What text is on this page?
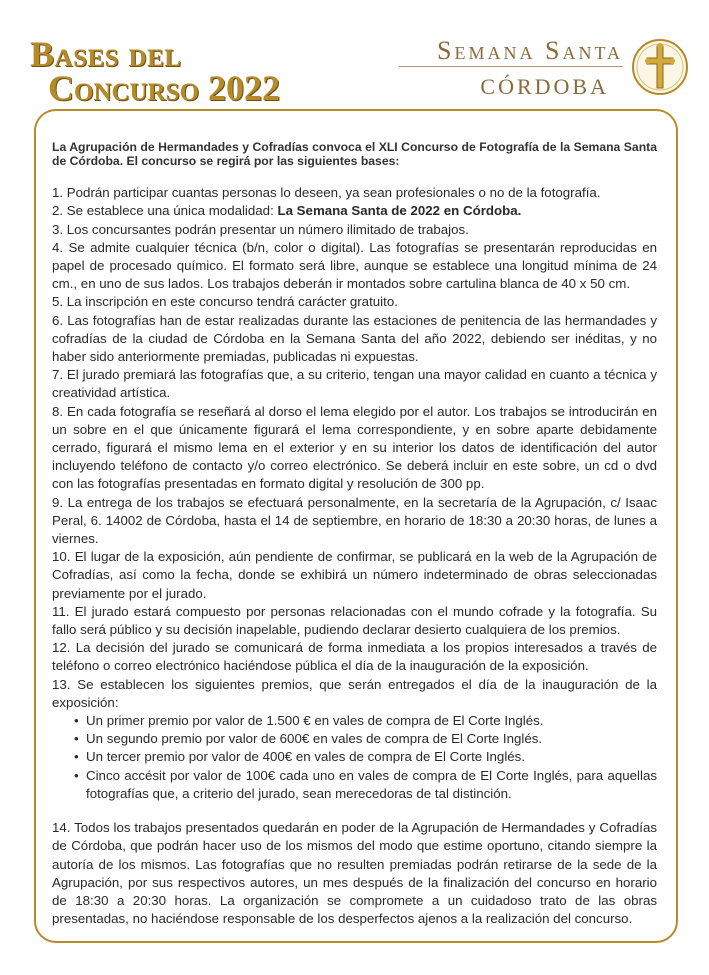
Bases del
Concurso 2022
Semana Santa
CÓRDOBA

La Agrupación de Hermandades y Cofradías convoca el XLI Concurso de Fotografía de la Semana Santa de Córdoba. El concurso se regirá por las siguientes bases:

1. Podrán participar cuantas personas lo deseen, ya sean profesionales o no de la fotografía.

2. Se establece una única modalidad: La Semana Santa de 2022 en Córdoba.

3. Los concursantes podrán presentar un número ilimitado de trabajos.

4. Se admite cualquier técnica (b/n, color o digital). Las fotografías se presentarán reproducidas en papel de procesado químico. El formato será libre, aunque se establece una longitud mínima de 24 cm., en uno de sus lados. Los trabajos deberán ir montados sobre cartulina blanca de 40 x 50 cm.

5. La inscripción en este concurso tendrá carácter gratuito.

6. Las fotografías han de estar realizadas durante las estaciones de penitencia de las hermandades y cofradías de la ciudad de Córdoba en la Semana Santa del año 2022, debiendo ser inéditas, y no haber sido anteriormente premiadas, publicadas ni expuestas.

7. El jurado premiará las fotografías que, a su criterio, tengan una mayor calidad en cuanto a técnica y creatividad artística.

8. En cada fotografía se reseñará al dorso el lema elegido por el autor. Los trabajos se introducirán en un sobre en el que únicamente figurará el lema correspondiente, y en sobre aparte debidamente cerrado, figurará el mismo lema en el exterior y en su interior los datos de identificación del autor incluyendo teléfono de contacto y/o correo electrónico. Se deberá incluir en este sobre, un cd o dvd con las fotografías presentadas en formato digital y resolución de 300 pp.

9. La entrega de los trabajos se efectuará personalmente, en la secretaría de la Agrupación, c/ Isaac Peral, 6. 14002 de Córdoba, hasta el 14 de septiembre, en horario de 18:30 a 20:30 horas, de lunes a viernes.

10. El lugar de la exposición, aún pendiente de confirmar, se publicará en la web de la Agrupación de Cofradías, así como la fecha, donde se exhibirá un número indeterminado de obras seleccionadas previamente por el jurado.

11. El jurado estará compuesto por personas relacionadas con el mundo cofrade y la fotografía. Su fallo será público y su decisión inapelable, pudiendo declarar desierto cualquiera de los premios.

12. La decisión del jurado se comunicará de forma inmediata a los propios interesados a través de teléfono o correo electrónico haciéndose pública el día de la inauguración de la exposición.

13. Se establecen los siguientes premios, que serán entregados el día de la inauguración de la exposición:

• Un primer premio por valor de 1.500 € en vales de compra de El Corte Inglés.
• Un segundo premio por valor de 600€ en vales de compra de El Corte Inglés.
• Un tercer premio por valor de 400€ en vales de compra de El Corte Inglés.
• Cinco accésit por valor de 100€ cada uno en vales de compra de El Corte Inglés, para aquellas fotografías que, a criterio del jurado, sean merecedoras de tal distinción.

14. Todos los trabajos presentados quedarán en poder de la Agrupación de Hermandades y Cofradías de Córdoba, que podrán hacer uso de los mismos del modo que estime oportuno, citando siempre la autoría de los mismos. Las fotografías que no resulten premiadas podrán retirarse de la sede de la Agrupación, por sus respectivos autores, un mes después de la finalización del concurso en horario de 18:30 a 20:30 horas. La organización se compromete a un cuidadoso trato de las obras presentadas, no haciéndose responsable de los desperfectos ajenos a la realización del concurso.
